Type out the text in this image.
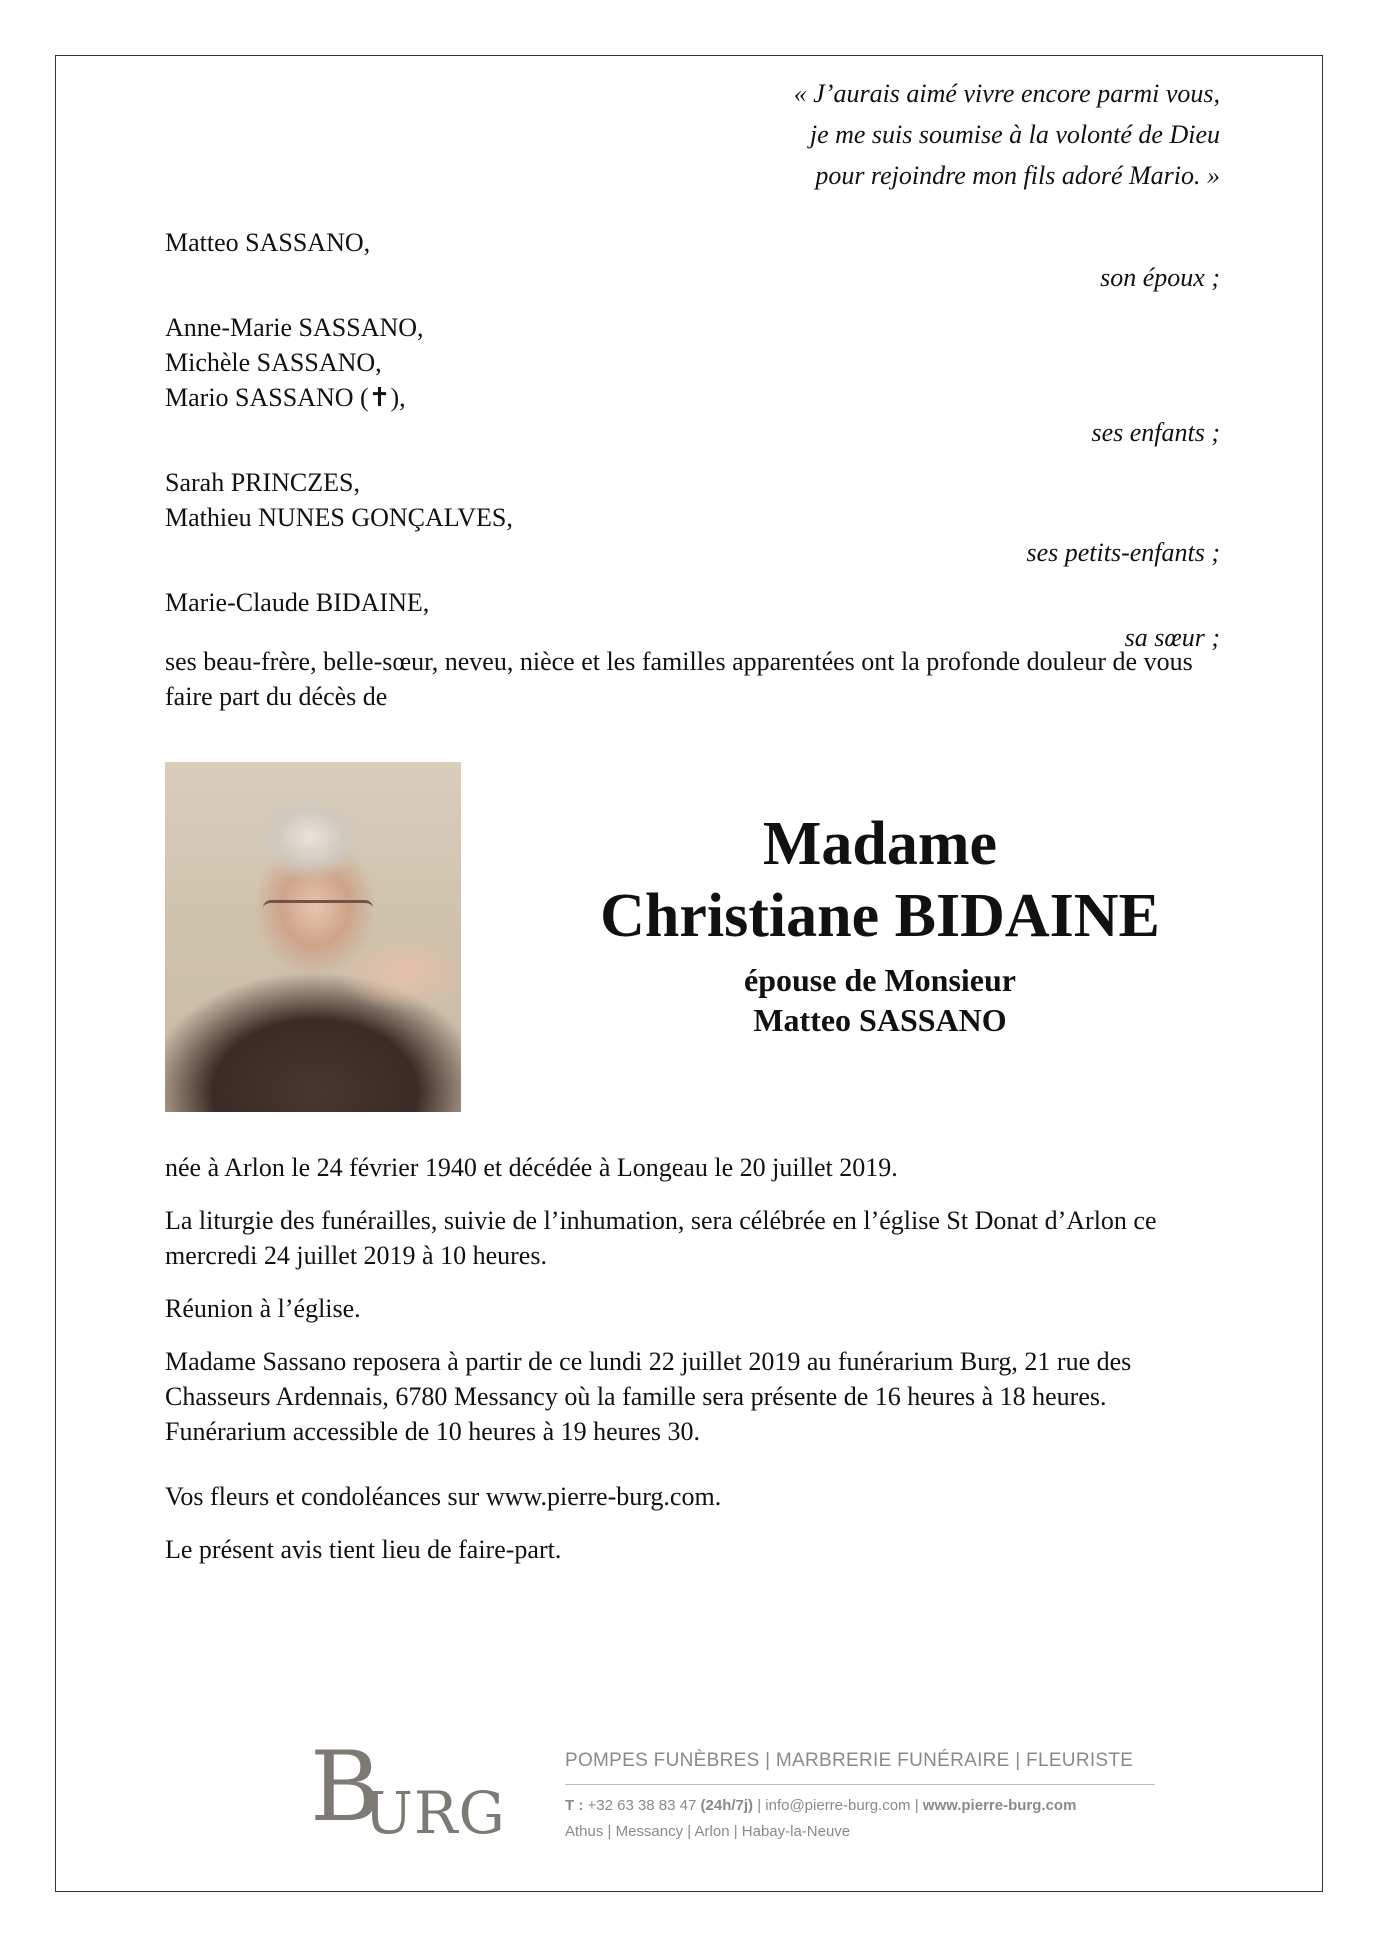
« J’aurais aimé vivre encore parmi vous,
je me suis soumise à la volonté de Dieu
pour rejoindre mon fils adoré Mario. »
Matteo SASSANO,
son époux ;
Anne-Marie SASSANO,
Michèle SASSANO,
Mario SASSANO (✝),
ses enfants ;
Sarah PRINCZES,
Mathieu NUNES GONÇALVES,
ses petits-enfants ;
Marie-Claude BIDAINE,
sa sœur ;
ses beau-frère, belle-sœur, neveu, nièce et les familles apparentées ont la profonde douleur de vous faire part du décès de
Madame
Christiane BIDAINE
épouse de Monsieur
Matteo SASSANO

née à Arlon le 24 février 1940 et décédée à Longeau le 20 juillet 2019.

La liturgie des funérailles, suivie de l’inhumation, sera célébrée en l’église St Donat d’Arlon ce mercredi 24 juillet 2019 à 10 heures.

Réunion à l’église.

Madame Sassano reposera à partir de ce lundi 22 juillet 2019 au funérarium Burg, 21 rue des Chasseurs Ardennais, 6780 Messancy où la famille sera présente de 16 heures à 18 heures. Funérarium accessible de 10 heures à 19 heures 30.

Vos fleurs et condoléances sur www.pierre-burg.com.

Le présent avis tient lieu de faire-part.

B
URG
POMPES FUNÈBRES | MARBRERIE FUNÉRAIRE | FLEURISTE
T : +32 63 38 83 47 (24h/7j) | info@pierre-burg.com | www.pierre-burg.com
Athus | Messancy | Arlon | Habay-la-Neuve
